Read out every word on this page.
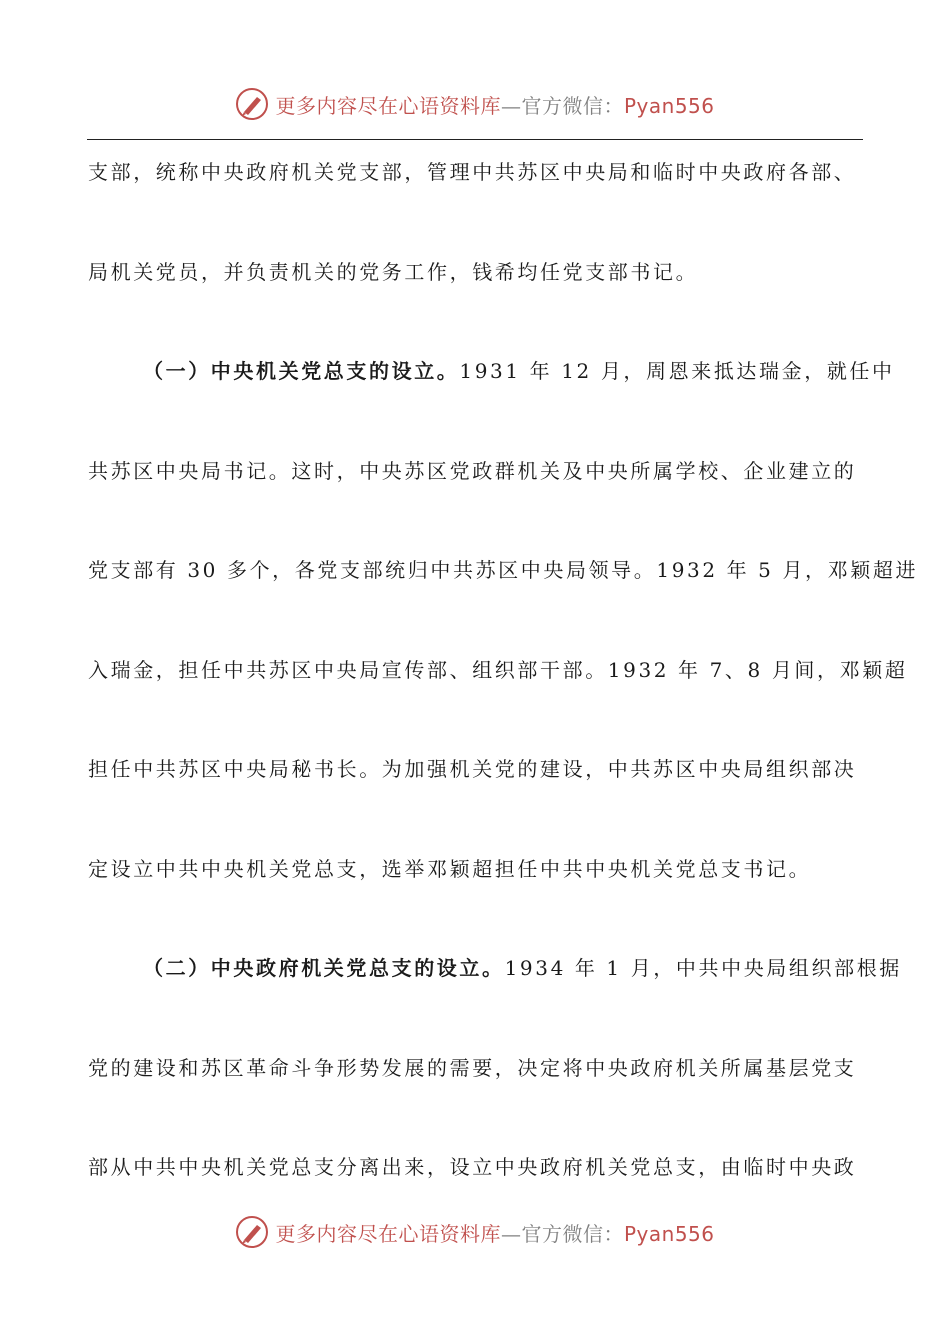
更多内容尽在心语资料库—官方微信：Pyan556
支部，统称中央政府机关党支部，管理中共苏区中央局和临时中央政府各部、
局机关党员，并负责机关的党务工作，钱希均任党支部书记。
（一）中央机关党总支的设立。1931 年 12 月，周恩来抵达瑞金，就任中
共苏区中央局书记。这时，中央苏区党政群机关及中央所属学校、企业建立的
党支部有 30 多个，各党支部统归中共苏区中央局领导。1932 年 5 月，邓颖超进
入瑞金，担任中共苏区中央局宣传部、组织部干部。1932 年 7、8 月间，邓颖超
担任中共苏区中央局秘书长。为加强机关党的建设，中共苏区中央局组织部决
定设立中共中央机关党总支，选举邓颖超担任中共中央机关党总支书记。
（二）中央政府机关党总支的设立。1934 年 1 月，中共中央局组织部根据
党的建设和苏区革命斗争形势发展的需要，决定将中央政府机关所属基层党支
部从中共中央机关党总支分离出来，设立中央政府机关党总支，由临时中央政
更多内容尽在心语资料库—官方微信：Pyan556
